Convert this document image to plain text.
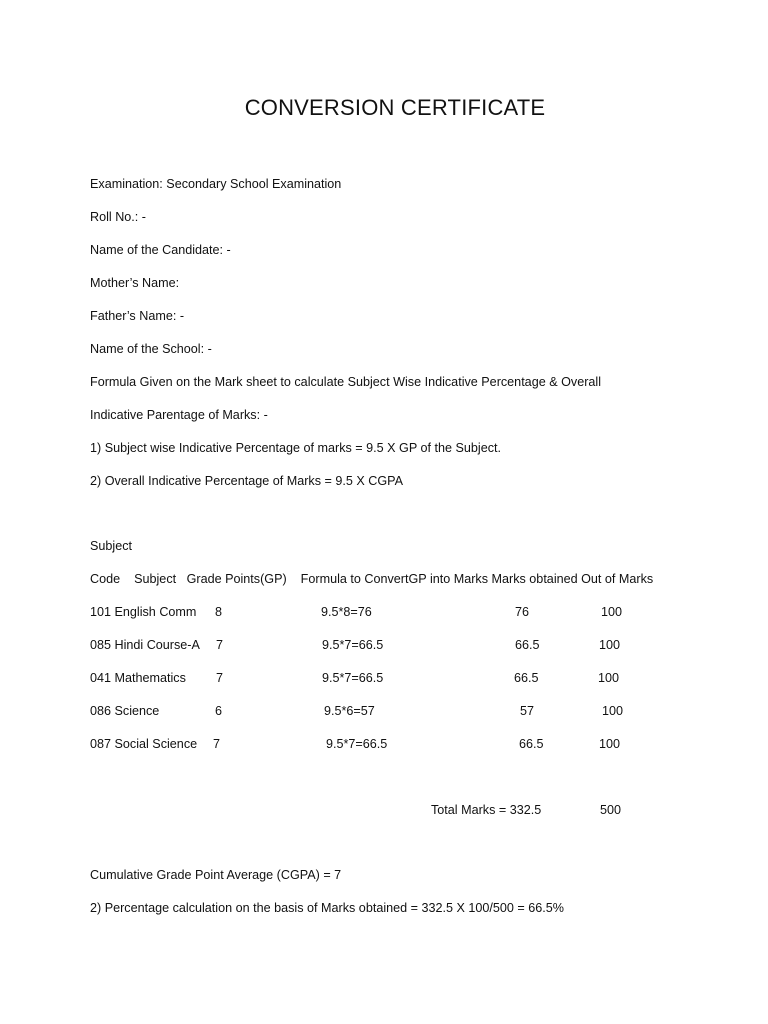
CONVERSION CERTIFICATE
Examination: Secondary School Examination
Roll No.: -
Name of the Candidate: -
Mother’s Name:
Father’s Name: -
Name of the School: -
Formula Given on the Mark sheet to calculate Subject Wise Indicative Percentage & Overall
Indicative Parentage of Marks: -
1) Subject wise Indicative Percentage of marks = 9.5 X GP of the Subject.
2) Overall Indicative Percentage of Marks = 9.5 X CGPA
Subject
Code    Subject   Grade Points(GP)    Formula to ConvertGP into Marks Marks obtained Out of Marks
101 English Comm 8	9.5*8=76	76	100
085 Hindi Course-A 7	9.5*7=66.5	66.5	100
041 Mathematics 7	9.5*7=66.5	66.5	100
086 Science	6	9.5*6=57	57	100
087 Social Science 7	9.5*7=66.5	66.5	100
Total Marks = 332.5	500
Cumulative Grade Point Average (CGPA) = 7
2) Percentage calculation on the basis of Marks obtained = 332.5 X 100/500 = 66.5%
